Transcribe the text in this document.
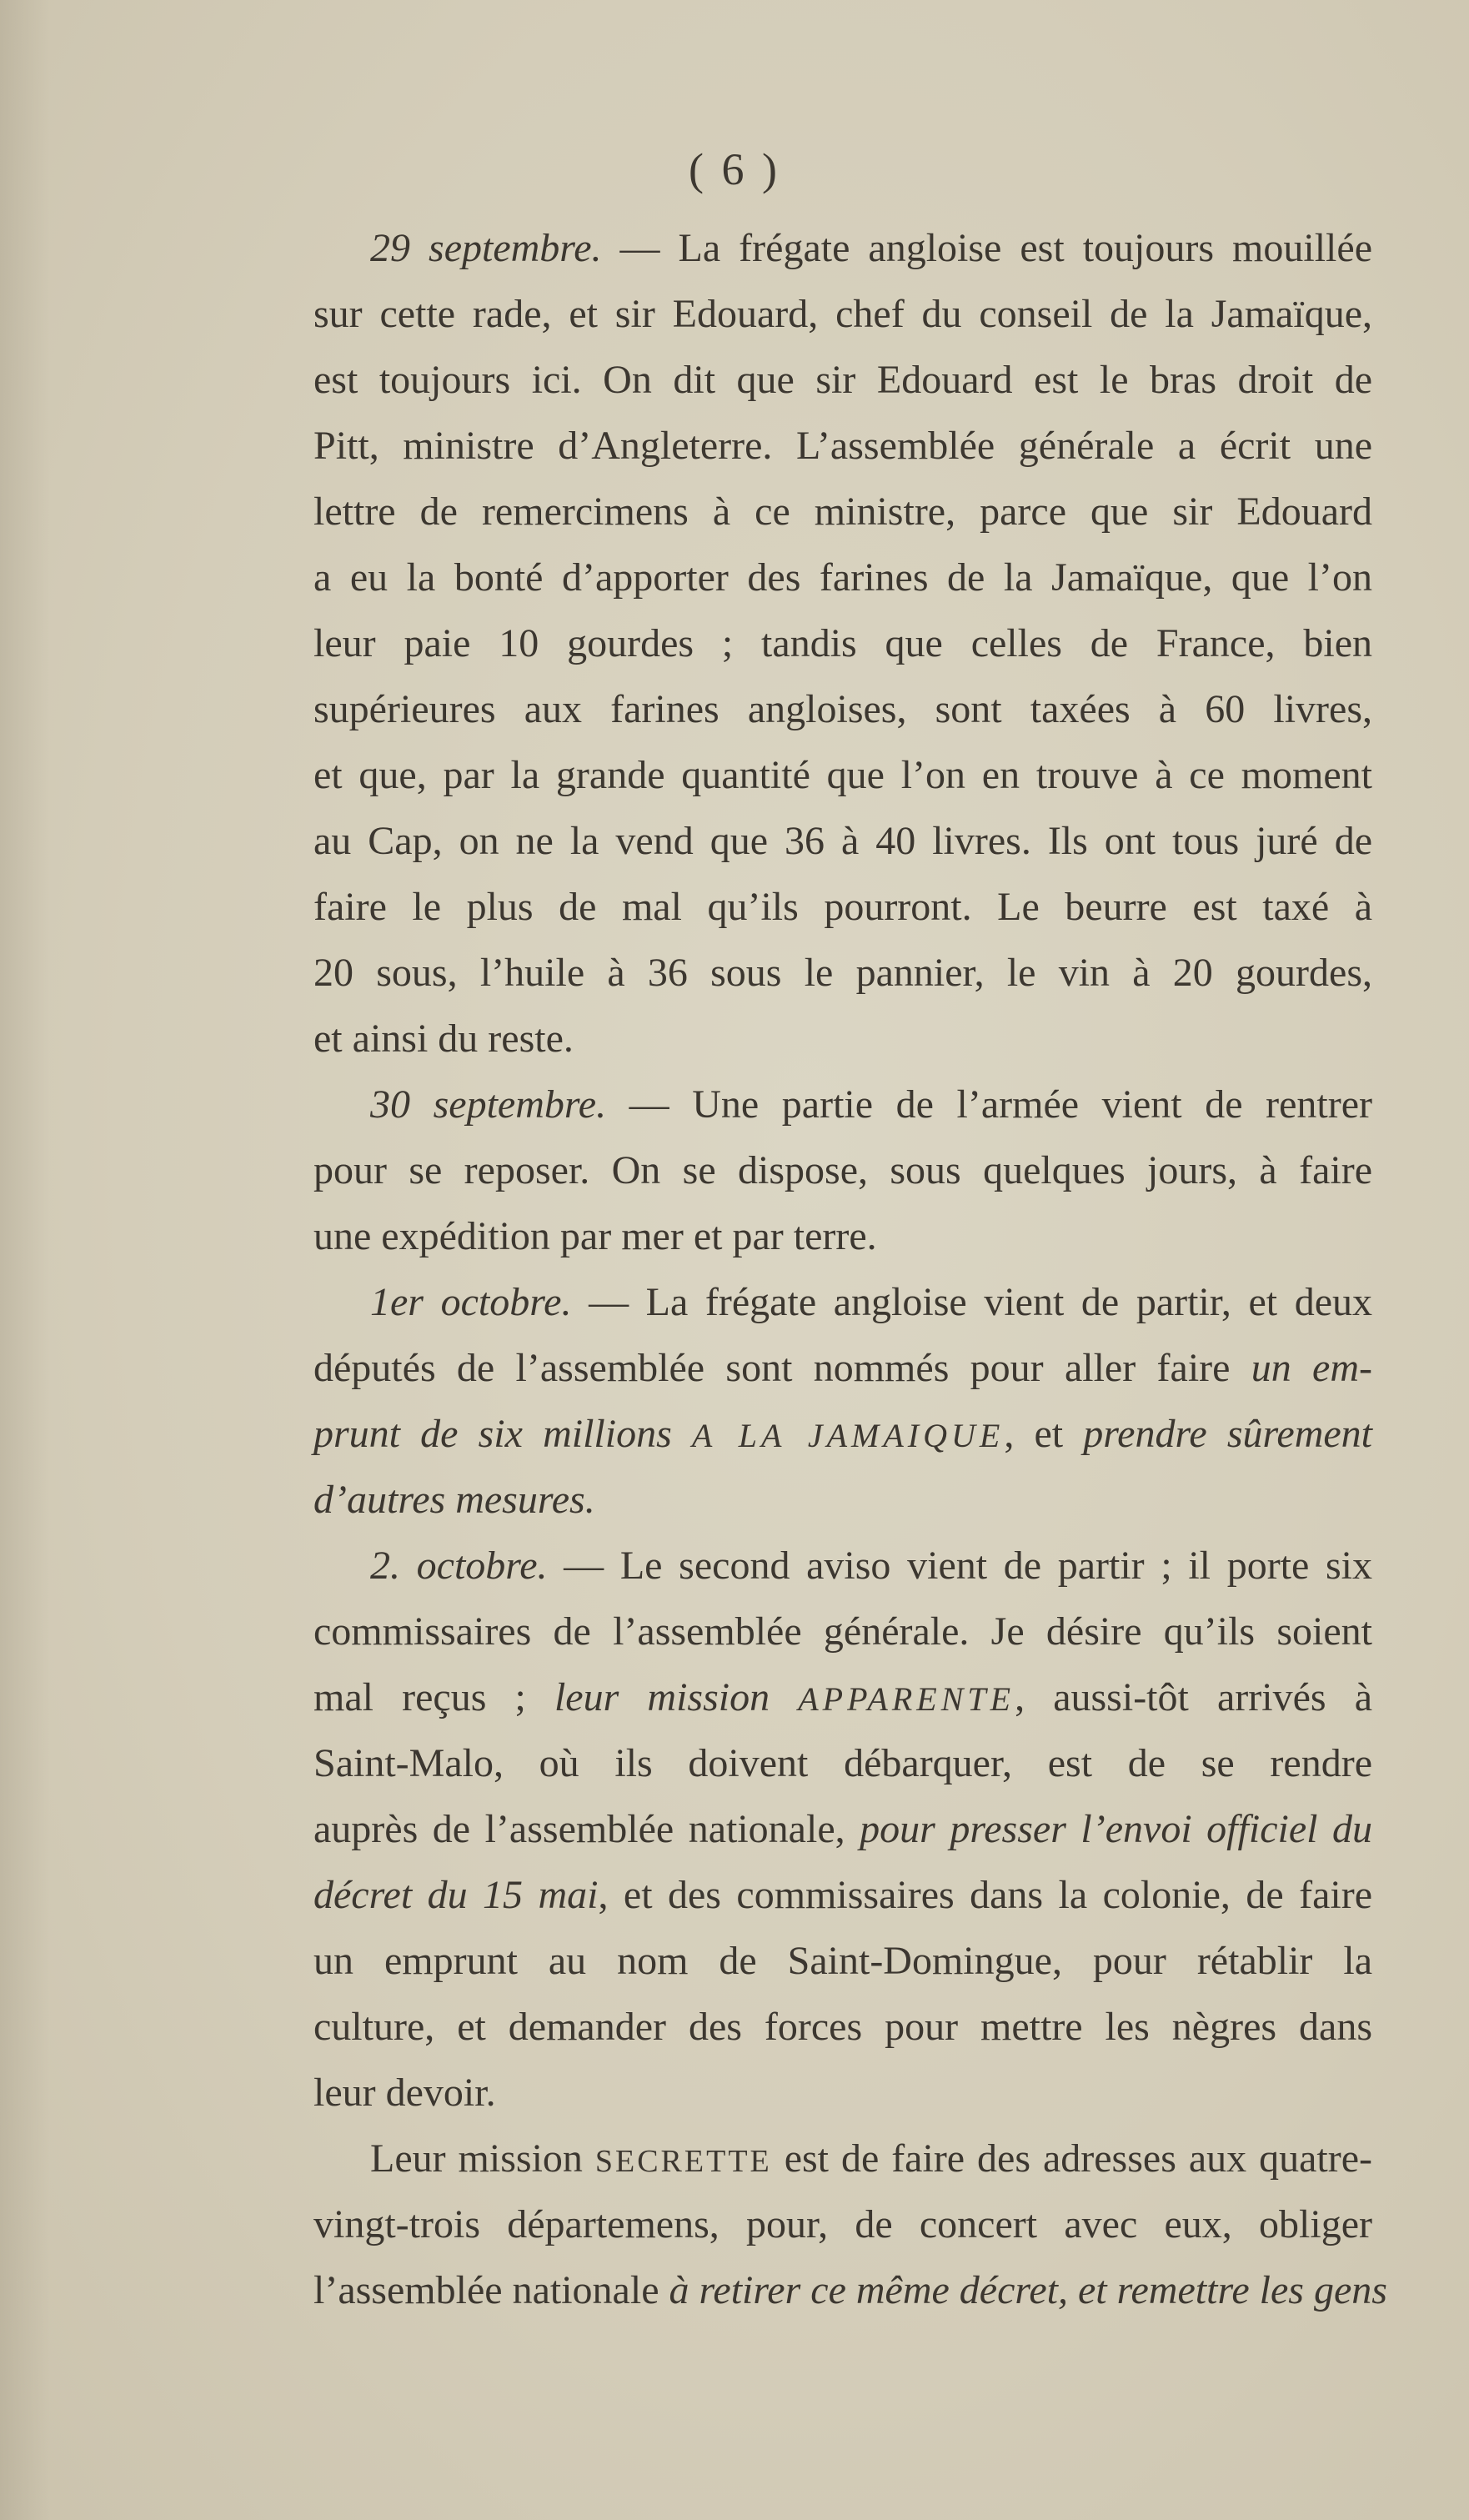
( 6 )
29 septembre. — La frégate angloise est toujours mouillée
sur cette rade, et sir Edouard, chef du conseil de la Jamaïque,
est toujours ici. On dit que sir Edouard est le bras droit de
Pitt, ministre d’Angleterre. L’assemblée générale a écrit une
lettre de remercimens à ce ministre, parce que sir Edouard
a eu la bonté d’apporter des farines de la Jamaïque, que l’on
leur paie 10 gourdes ; tandis que celles de France, bien
supérieures aux farines angloises, sont taxées à 60 livres,
et que, par la grande quantité que l’on en trouve à ce moment
au Cap, on ne la vend que 36 à 40 livres. Ils ont tous juré de
faire le plus de mal qu’ils pourront. Le beurre est taxé à
20 sous, l’huile à 36 sous le pannier, le vin à 20 gourdes,
et ainsi du reste.
30 septembre. — Une partie de l’armée vient de rentrer
pour se reposer. On se dispose, sous quelques jours, à faire
une expédition par mer et par terre.
1er octobre. — La frégate angloise vient de partir, et deux
députés de l’assemblée sont nommés pour aller faire un em-
prunt de six millions A LA JAMAIQUE, et prendre sûrement
d’autres mesures.
2. octobre. — Le second aviso vient de partir ; il porte six
commissaires de l’assemblée générale. Je désire qu’ils soient
mal reçus ; leur mission APPARENTE, aussi-tôt arrivés à
Saint-Malo, où ils doivent débarquer, est de se rendre
auprès de l’assemblée nationale, pour presser l’envoi officiel du
décret du 15 mai, et des commissaires dans la colonie, de faire
un emprunt au nom de Saint-Domingue, pour rétablir la
culture, et demander des forces pour mettre les nègres dans
leur devoir.
Leur mission SECRETTE est de faire des adresses aux quatre-
vingt-trois départemens, pour, de concert avec eux, obliger
l’assemblée nationale à retirer ce même décret, et remettre les gens
